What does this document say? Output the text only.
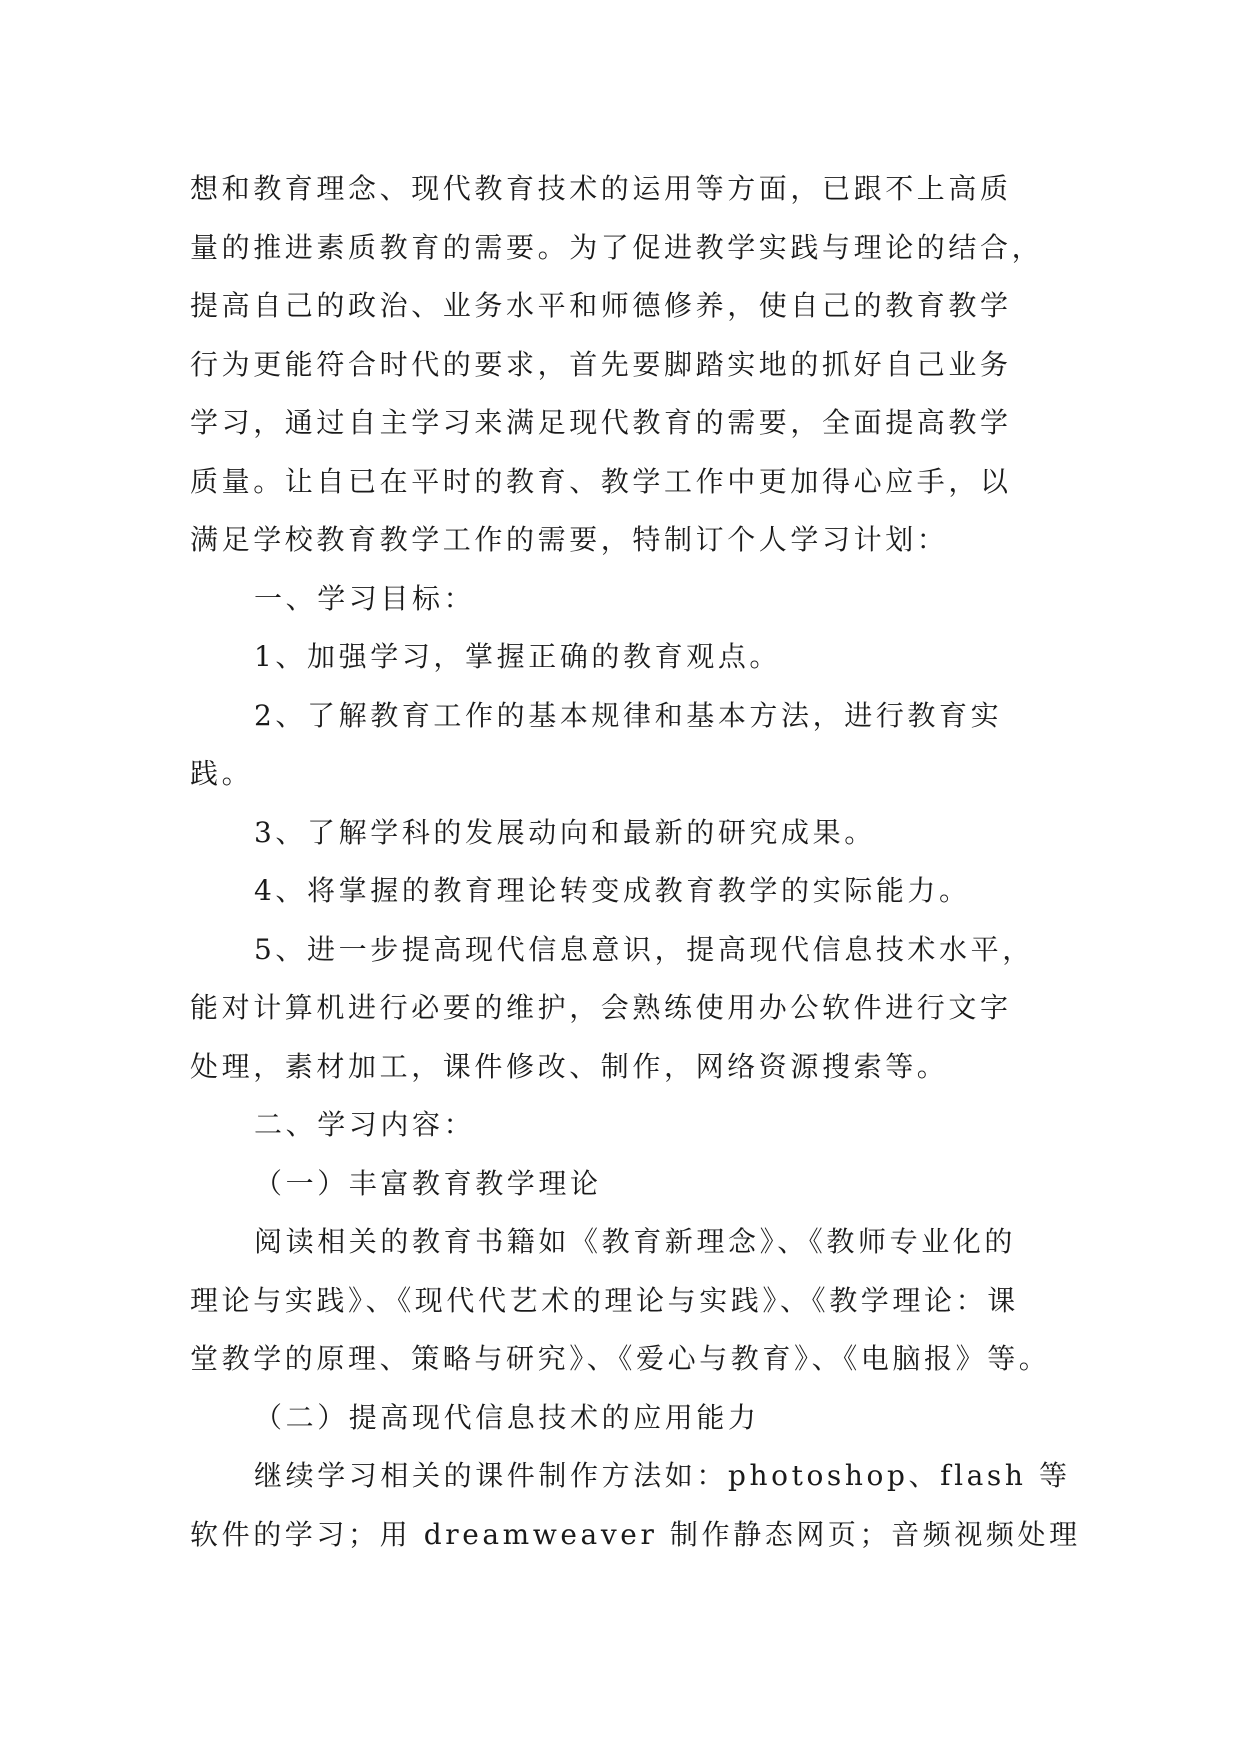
想和教育理念、现代教育技术的运用等方面，已跟不上高质
量的推进素质教育的需要。为了促进教学实践与理论的结合，
提高自己的政治、业务水平和师德修养，使自己的教育教学
行为更能符合时代的要求，首先要脚踏实地的抓好自己业务
学习，通过自主学习来满足现代教育的需要，全面提高教学
质量。让自已在平时的教育、教学工作中更加得心应手，以
满足学校教育教学工作的需要，特制订个人学习计划：
一、学习目标：
1、加强学习，掌握正确的教育观点。
2、了解教育工作的基本规律和基本方法，进行教育实
践。
3、了解学科的发展动向和最新的研究成果。
4、将掌握的教育理论转变成教育教学的实际能力。
5、进一步提高现代信息意识，提高现代信息技术水平，
能对计算机进行必要的维护，会熟练使用办公软件进行文字
处理，素材加工，课件修改、制作，网络资源搜索等。
二、学习内容：
（一）丰富教育教学理论
阅读相关的教育书籍如《教育新理念》、《教师专业化的
理论与实践》、《现代代艺术的理论与实践》、《教学理论：课
堂教学的原理、策略与研究》、《爱心与教育》、《电脑报》等。
（二）提高现代信息技术的应用能力
继续学习相关的课件制作方法如：photoshop、flash 等
软件的学习；用 dreamweaver 制作静态网页；音频视频处理
